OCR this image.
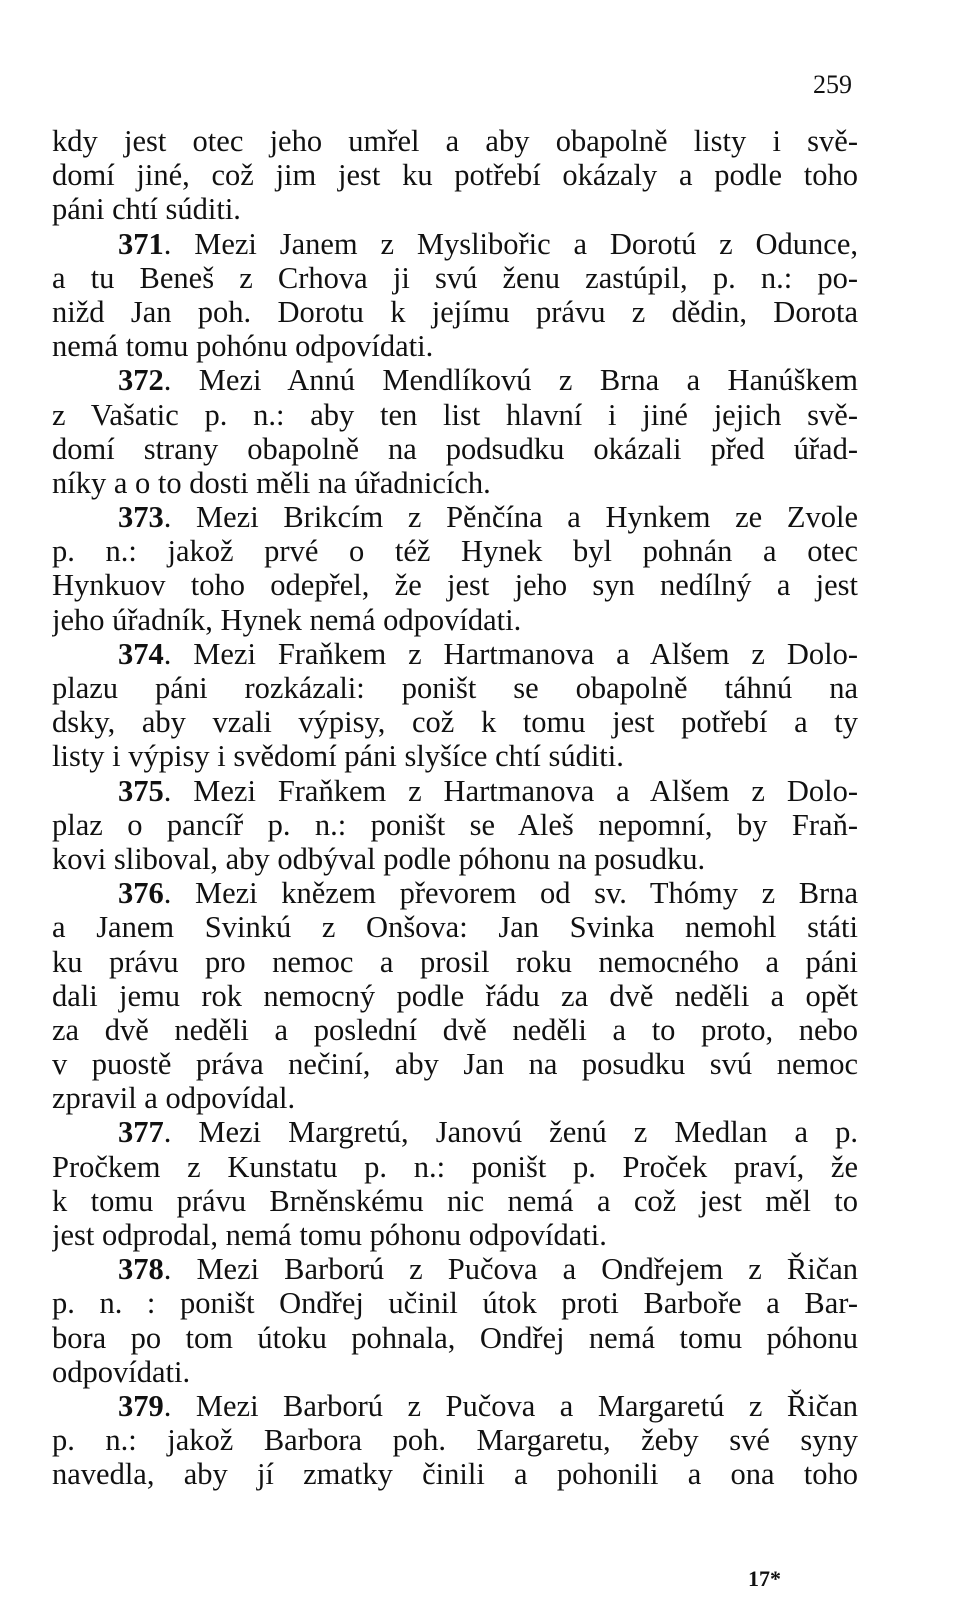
259
kdy jest otec jeho umřel a aby obapolně listy i svě-
domí jiné, což jim jest ku potřebí okázaly a podle toho
páni chtí súditi.
371. Mezi Janem z Myslibořic a Dorotú z Odunce,
a tu Beneš z Crhova ji svú ženu zastúpil, p. n.: po-
nižd Jan poh. Dorotu k jejímu právu z dědin, Dorota
nemá tomu pohónu odpovídati.
372. Mezi Annú Mendlíkovú z Brna a Hanúškem
z Vašatic p. n.: aby ten list hlavní i jiné jejich svě-
domí strany obapolně na podsudku okázali před úřad-
níky a o to dosti měli na úřadnicích.
373. Mezi Brikcím z Pěnčína a Hynkem ze Zvole
p. n.: jakož prvé o též Hynek byl pohnán a otec
Hynkuov toho odepřel, že jest jeho syn nedílný a jest
jeho úřadník, Hynek nemá odpovídati.
374. Mezi Fraňkem z Hartmanova a Alšem z Dolo-
plazu páni rozkázali: poništ se obapolně táhnú na
dsky, aby vzali výpisy, což k tomu jest potřebí a ty
listy i výpisy i svědomí páni slyšíce chtí súditi.
375. Mezi Fraňkem z Hartmanova a Alšem z Dolo-
plaz o pancíř p. n.: poništ se Aleš nepomní, by Fraň-
kovi sliboval, aby odbýval podle póhonu na posudku.
376. Mezi knězem převorem od sv. Thómy z Brna
a Janem Svinkú z Onšova: Jan Svinka nemohl státi
ku právu pro nemoc a prosil roku nemocného a páni
dali jemu rok nemocný podle řádu za dvě neděli a opět
za dvě neděli a poslední dvě neděli a to proto, nebo
v puostě práva nečiní, aby Jan na posudku svú nemoc
zpravil a odpovídal.
377. Mezi Margretú, Janovú ženú z Medlan a p.
Pročkem z Kunstatu p. n.: poništ p. Proček praví, že
k tomu právu Brněnskému nic nemá a což jest měl to
jest odprodal, nemá tomu póhonu odpovídati.
378. Mezi Barború z Pučova a Ondřejem z Řičan
p. n. : poništ Ondřej učinil útok proti Barboře a Bar-
bora po tom útoku pohnala, Ondřej nemá tomu póhonu
odpovídati.
379. Mezi Barború z Pučova a Margaretú z Řičan
p. n.: jakož Barbora poh. Margaretu, žeby své syny
navedla, aby jí zmatky činili a pohonili a ona toho
17*
